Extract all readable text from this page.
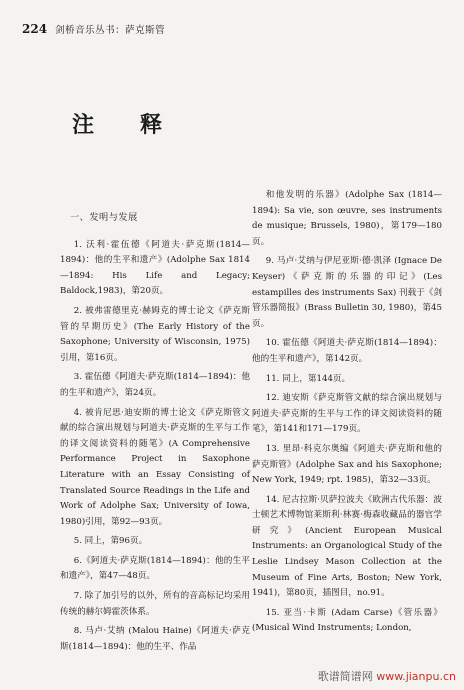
224 剑桥音乐丛书：萨克斯管
注　释
一、发明与发展

1. 沃利·霍伍德《阿道夫·萨克斯(1814—1894)：他的生平和遗产》(Adolphe Sax 1814—1894: His Life and Legacy; Baldock,1983)，第20页。

2. 被弗雷德里克·赫姆克的博士论文《萨克斯管的早期历史》(The Early History of the Saxophone; University of Wisconsin, 1975)引用，第16页。

3. 霍伍德《阿道夫·萨克斯(1814—1894)：他的生平和遗产》，第24页。

4. 被肯尼思·迪安斯的博士论文《萨克斯管文献的综合演出规划与阿道夫·萨克斯的生平与工作的译文阅读资料的随笔》(A Comprehensive Performance Project in Saxophone Literature with an Essay Consisting of Translated Source Readings in the Life and Work of Adolphe Sax; University of Iowa, 1980)引用，第92—93页。

5. 同上，第96页。

6.《阿道夫·萨克斯(1814—1894)：他的生平和遗产》，第47—48页。

7. 除了加引号的以外，所有的音高标记均采用传统的赫尔姆霍茨体系。

8. 马卢·艾纳 (Malou Haine)《阿道夫·萨克斯(1814—1894)：他的生平、作品

和他发明的乐器》(Adolphe Sax (1814—1894): Sa vie, son œuvre, ses instruments de musique; Brussels, 1980)，第179—180页。

9. 马卢·艾纳与伊尼亚斯·德·凯泽 (Ignace De Keyser)《萨克斯的乐器的印记》(Les estampilles des instruments Sax) 刊载于《剑管乐器简报》(Brass Bulletin 30, 1980)，第45页。

10. 霍伍德《阿道夫·萨克斯(1814—1894)：他的生平和遗产》，第142页。

11. 同上，第144页。

12. 迪安斯《萨克斯管文献的综合演出规划与阿道夫·萨克斯的生平与工作的译文阅读资料的随笔》，第141和171—179页。

13. 里昂·科克尔奥编《阿道夫·萨克斯和他的萨克斯管》(Adolphe Sax and his Saxophone; New York, 1949; rpt. 1985)，第32—33页。

14. 尼古拉斯·贝萨拉波夫《欧洲古代乐器：波士顿艺术博物馆莱斯利·林赛·梅森收藏品的器官学研究》(Ancient European Musical Instruments: an Organological Study of the Leslie Lindsey Mason Collection at the Museum of Fine Arts, Boston; New York, 1941)，第80页，插图目，no.91。

15. 亚当·卡斯 (Adam Carse)《管乐器》(Musical Wind Instruments; London,

歌谱简谱网 www.jianpu.cn
